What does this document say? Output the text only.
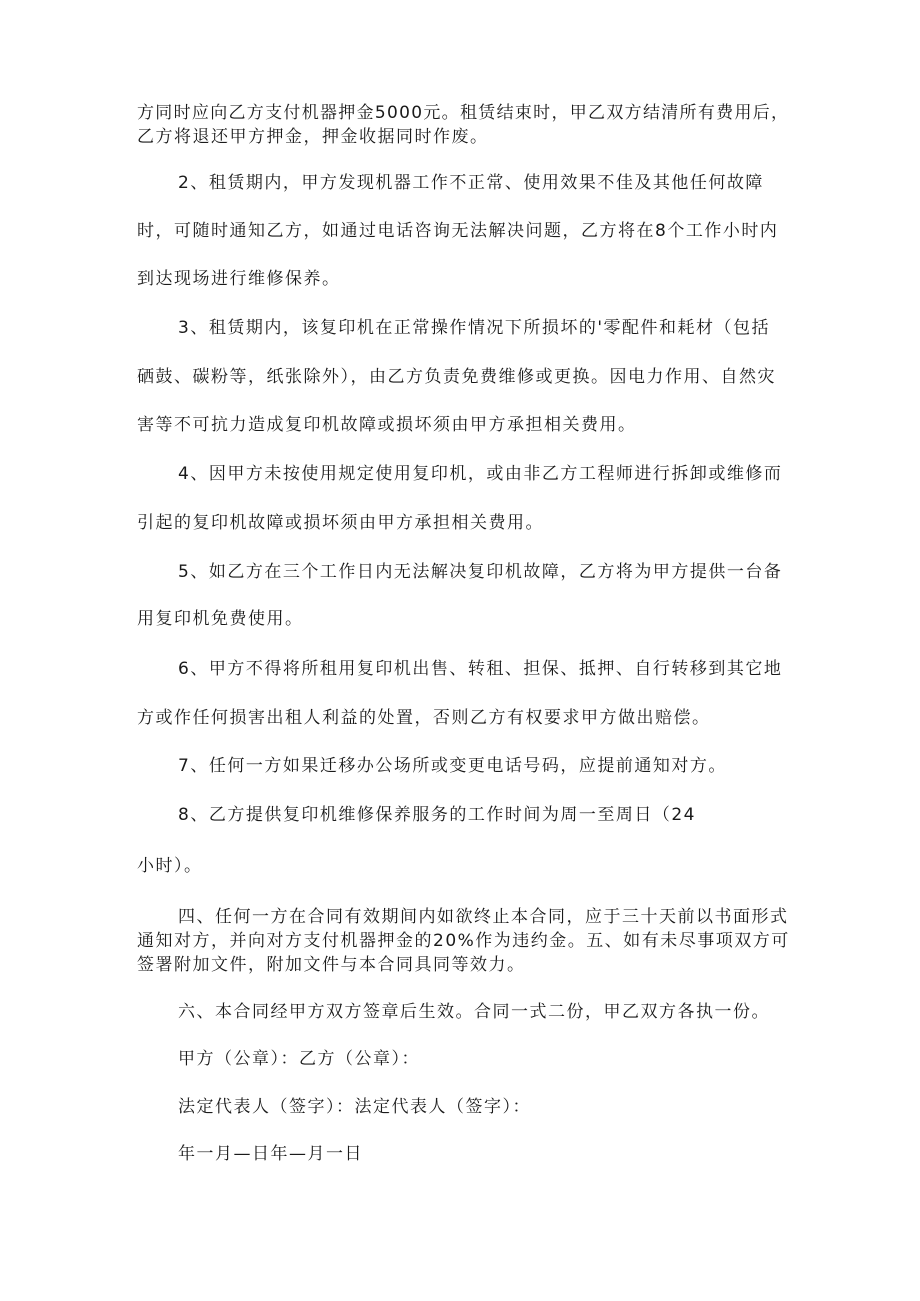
方同时应向乙方支付机器押金5000元。租赁结束时，甲乙双方结清所有费用后，
乙方将退还甲方押金，押金收据同时作废。
2、租赁期内，甲方发现机器工作不正常、使用效果不佳及其他任何故障
时，可随时通知乙方，如通过电话咨询无法解决问题，乙方将在8个工作小时内
到达现场进行维修保养。
3、租赁期内，该复印机在正常操作情况下所损坏的'零配件和耗材（包括
硒鼓、碳粉等，纸张除外），由乙方负责免费维修或更换。因电力作用、自然灾
害等不可抗力造成复印机故障或损坏须由甲方承担相关费用。
4、因甲方未按使用规定使用复印机，或由非乙方工程师进行拆卸或维修而
引起的复印机故障或损坏须由甲方承担相关费用。
5、如乙方在三个工作日内无法解决复印机故障，乙方将为甲方提供一台备
用复印机免费使用。
6、甲方不得将所租用复印机出售、转租、担保、抵押、自行转移到其它地
方或作任何损害出租人利益的处置，否则乙方有权要求甲方做出赔偿。
7、任何一方如果迁移办公场所或变更电话号码，应提前通知对方。
8、乙方提供复印机维修保养服务的工作时间为周一至周日（24
小时）。
四、任何一方在合同有效期间内如欲终止本合同，应于三十天前以书面形式
通知对方，并向对方支付机器押金的20%作为违约金。五、如有未尽事项双方可
签署附加文件，附加文件与本合同具同等效力。
六、本合同经甲方双方签章后生效。合同一式二份，甲乙双方各执一份。
甲方（公章）：乙方（公章）：
法定代表人（签字）：法定代表人（签字）：
年一月—日年—月一日
